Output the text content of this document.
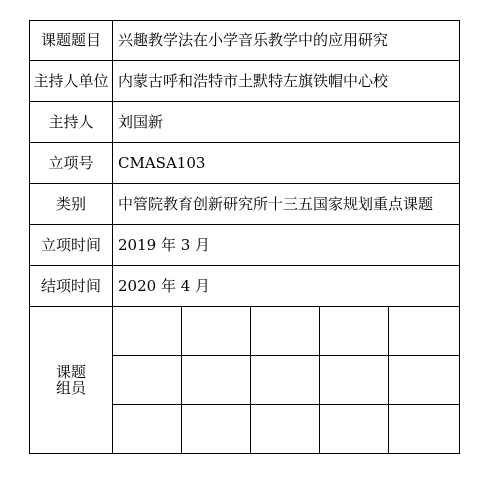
课题题目	兴趣教学法在小学音乐教学中的应用研究				
主持人单位	内蒙古呼和浩特市土默特左旗铁帽中心校				
主持人	刘国新				
立项号	CMASA103				
类别	中管院教育创新研究所十三五国家规划重点课题				
立项时间	2019 年 3 月				
结项时间	2020 年 4 月				

课题
组员					
